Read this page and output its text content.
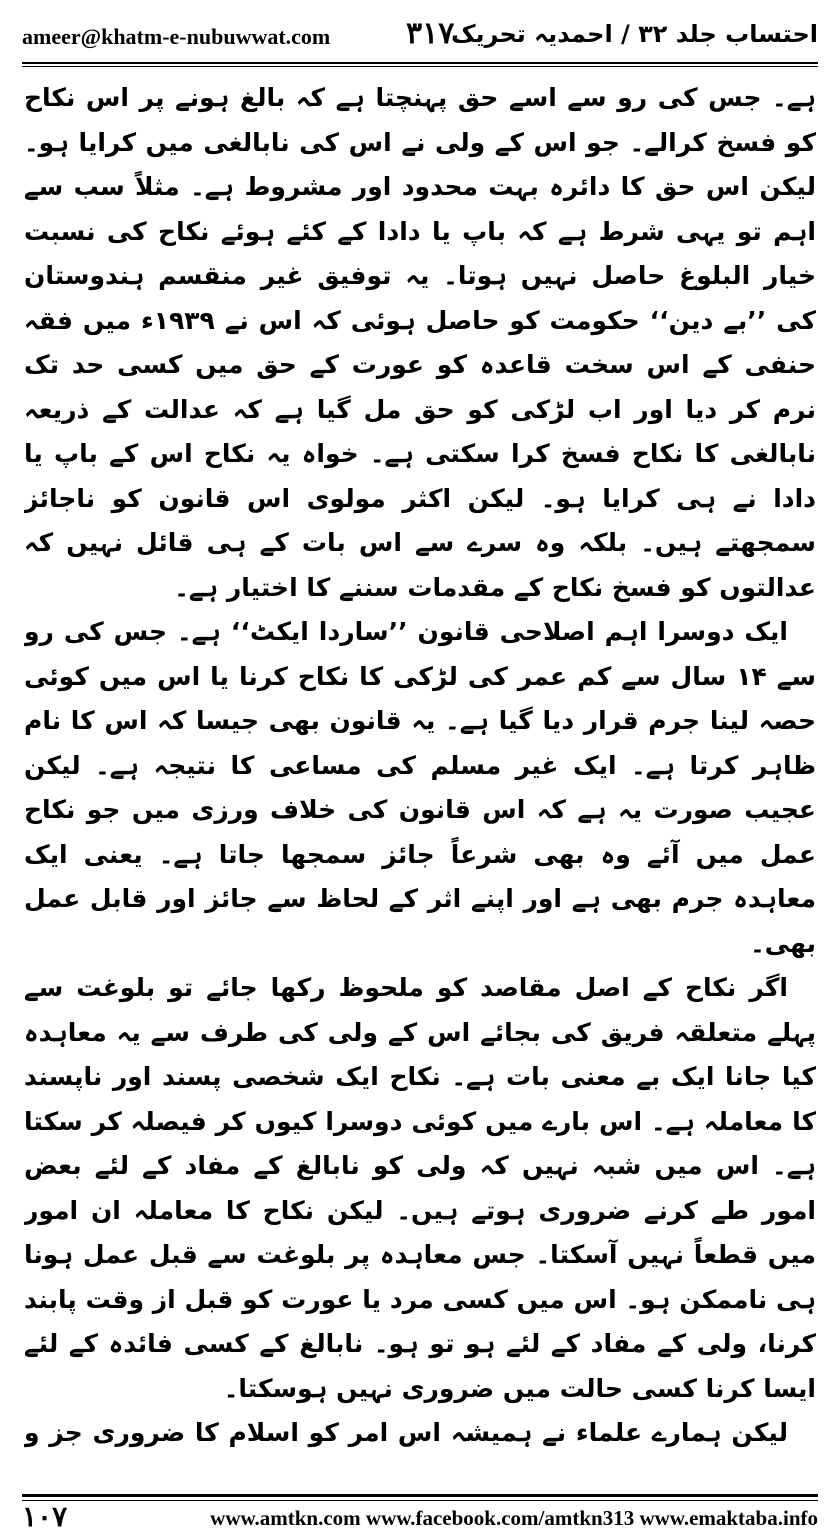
ameer@khatm-e-nubuwwat.com	۳۱۷
احتساب جلد ۳۲ / احمدیہ تحریک

ہے۔ جس کی رو سے اسے حق پہنچتا ہے کہ بالغ ہونے پر اس نکاح کو فسخ کرالے۔ جو اس کے ولی نے اس کی نابالغی میں کرایا ہو۔ لیکن اس حق کا دائرہ بہت محدود اور مشروط ہے۔ مثلاً سب سے اہم تو یہی شرط ہے کہ باپ یا دادا کے کئے ہوئے نکاح کی نسبت خیار البلوغ حاصل نہیں ہوتا۔ یہ توفیق غیر منقسم ہندوستان کی ’’بے دین‘‘ حکومت کو حاصل ہوئی کہ اس نے ۱۹۳۹ء میں فقہ حنفی کے اس سخت قاعدہ کو عورت کے حق میں کسی حد تک نرم کر دیا اور اب لڑکی کو حق مل گیا ہے کہ عدالت کے ذریعہ نابالغی کا نکاح فسخ کرا سکتی ہے۔ خواہ یہ نکاح اس کے باپ یا دادا نے ہی کرایا ہو۔ لیکن اکثر مولوی اس قانون کو ناجائز سمجھتے ہیں۔ بلکہ وہ سرے سے اس بات کے ہی قائل نہیں کہ عدالتوں کو فسخ نکاح کے مقدمات سننے کا اختیار ہے۔

ایک دوسرا اہم اصلاحی قانون ’’ساردا ایکٹ‘‘ ہے۔ جس کی رو سے ۱۴ سال سے کم عمر کی لڑکی کا نکاح کرنا یا اس میں کوئی حصہ لینا جرم قرار دیا گیا ہے۔ یہ قانون بھی جیسا کہ اس کا نام ظاہر کرتا ہے۔ ایک غیر مسلم کی مساعی کا نتیجہ ہے۔ لیکن عجیب صورت یہ ہے کہ اس قانون کی خلاف ورزی میں جو نکاح عمل میں آئے وہ بھی شرعاً جائز سمجھا جاتا ہے۔ یعنی ایک معاہدہ جرم بھی ہے اور اپنے اثر کے لحاظ سے جائز اور قابل عمل بھی۔

اگر نکاح کے اصل مقاصد کو ملحوظ رکھا جائے تو بلوغت سے پہلے متعلقہ فریق کی بجائے اس کے ولی کی طرف سے یہ معاہدہ کیا جانا ایک بے معنی بات ہے۔ نکاح ایک شخصی پسند اور ناپسند کا معاملہ ہے۔ اس بارے میں کوئی دوسرا کیوں کر فیصلہ کر سکتا ہے۔ اس میں شبہ نہیں کہ ولی کو نابالغ کے مفاد کے لئے بعض امور طے کرنے ضروری ہوتے ہیں۔ لیکن نکاح کا معاملہ ان امور میں قطعاً نہیں آسکتا۔ جس معاہدہ پر بلوغت سے قبل عمل ہونا ہی ناممکن ہو۔ اس میں کسی مرد یا عورت کو قبل از وقت پابند کرنا، ولی کے مفاد کے لئے ہو تو ہو۔ نابالغ کے کسی فائدہ کے لئے ایسا کرنا کسی حالت میں ضروری نہیں ہوسکتا۔

لیکن ہمارے علماء نے ہمیشہ اس امر کو اسلام کا ضروری جز و

۱۰۷	www.amtkn.com www.facebook.com/amtkn313 www.emaktaba.info
